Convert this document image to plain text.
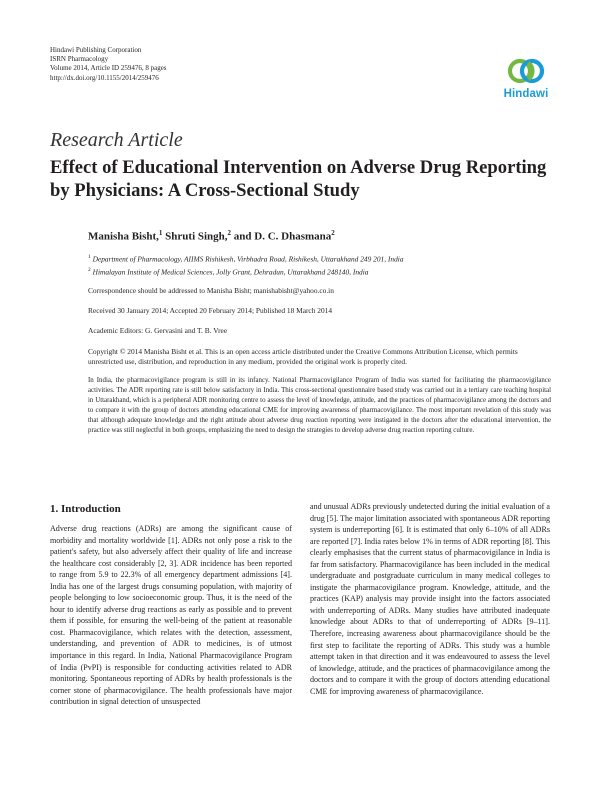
Hindawi Publishing Corporation
ISRN Pharmacology
Volume 2014, Article ID 259476, 8 pages
http://dx.doi.org/10.1155/2014/259476
Hindawi
Research Article
Effect of Educational Intervention on Adverse Drug Reporting by Physicians: A Cross-Sectional Study
Manisha Bisht,$^1$ Shruti Singh,$^2$ and D. C. Dhasmana$^2$
$^1$ Department of Pharmacology, AIIMS Rishikesh, Virbhadra Road, Rishikesh, Uttarakhand 249 201, India
$^2$ Himalayan Institute of Medical Sciences, Jolly Grant, Dehradun, Uttarakhand 248140, India
Correspondence should be addressed to Manisha Bisht; manishabisht@yahoo.co.in
Received 30 January 2014; Accepted 20 February 2014; Published 18 March 2014
Academic Editors: G. Gervasini and T. B. Vree
Copyright © 2014 Manisha Bisht et al. This is an open access article distributed under the Creative Commons Attribution License, which permits unrestricted use, distribution, and reproduction in any medium, provided the original work is properly cited.
In India, the pharmacovigilance program is still in its infancy. National Pharmacovigilance Program of India was started for facilitating the pharmacovigilance activities. The ADR reporting rate is still below satisfactory in India. This cross-sectional questionnaire based study was carried out in a tertiary care teaching hospital in Uttarakhand, which is a peripheral ADR monitoring centre to assess the level of knowledge, attitude, and the practices of pharmacovigilance among the doctors and to compare it with the group of doctors attending educational CME for improving awareness of pharmacovigilance. The most important revelation of this study was that although adequate knowledge and the right attitude about adverse drug reaction reporting were instigated in the doctors after the educational intervention, the practice was still neglectful in both groups, emphasizing the need to design the strategies to develop adverse drug reaction reporting culture.
1. Introduction
Adverse drug reactions (ADRs) are among the significant cause of morbidity and mortality worldwide [1]. ADRs not only pose a risk to the patient's safety, but also adversely affect their quality of life and increase the healthcare cost considerably [2, 3]. ADR incidence has been reported to range from 5.9 to 22.3% of all emergency department admissions [4]. India has one of the largest drugs consuming population, with majority of people belonging to low socioeconomic group. Thus, it is the need of the hour to identify adverse drug reactions as early as possible and to prevent them if possible, for ensuring the well-being of the patient at reasonable cost. Pharmacovigilance, which relates with the detection, assessment, understanding, and prevention of ADR to medicines, is of utmost importance in this regard. In India, National Pharmacovigilance Program of India (PvPI) is responsible for conducting activities related to ADR monitoring. Spontaneous reporting of ADRs by health professionals is the corner stone of pharmacovigilance. The health professionals have major contribution in signal detection of unsuspected
and unusual ADRs previously undetected during the initial evaluation of a drug [5]. The major limitation associated with spontaneous ADR reporting system is underreporting [6]. It is estimated that only 6–10% of all ADRs are reported [7]. India rates below 1% in terms of ADR reporting [8]. This clearly emphasises that the current status of pharmacovigilance in India is far from satisfactory. Pharmacovigilance has been included in the medical undergraduate and postgraduate curriculum in many medical colleges to instigate the pharmacovigilance program. Knowledge, attitude, and the practices (KAP) analysis may provide insight into the factors associated with underreporting of ADRs. Many studies have attributed inadequate knowledge about ADRs to that of underreporting of ADRs [9–11]. Therefore, increasing awareness about pharmacovigilance should be the first step to facilitate the reporting of ADRs. This study was a humble attempt taken in that direction and it was endeavoured to assess the level of knowledge, attitude, and the practices of pharmacovigilance among the doctors and to compare it with the group of doctors attending educational CME for improving awareness of pharmacovigilance.
